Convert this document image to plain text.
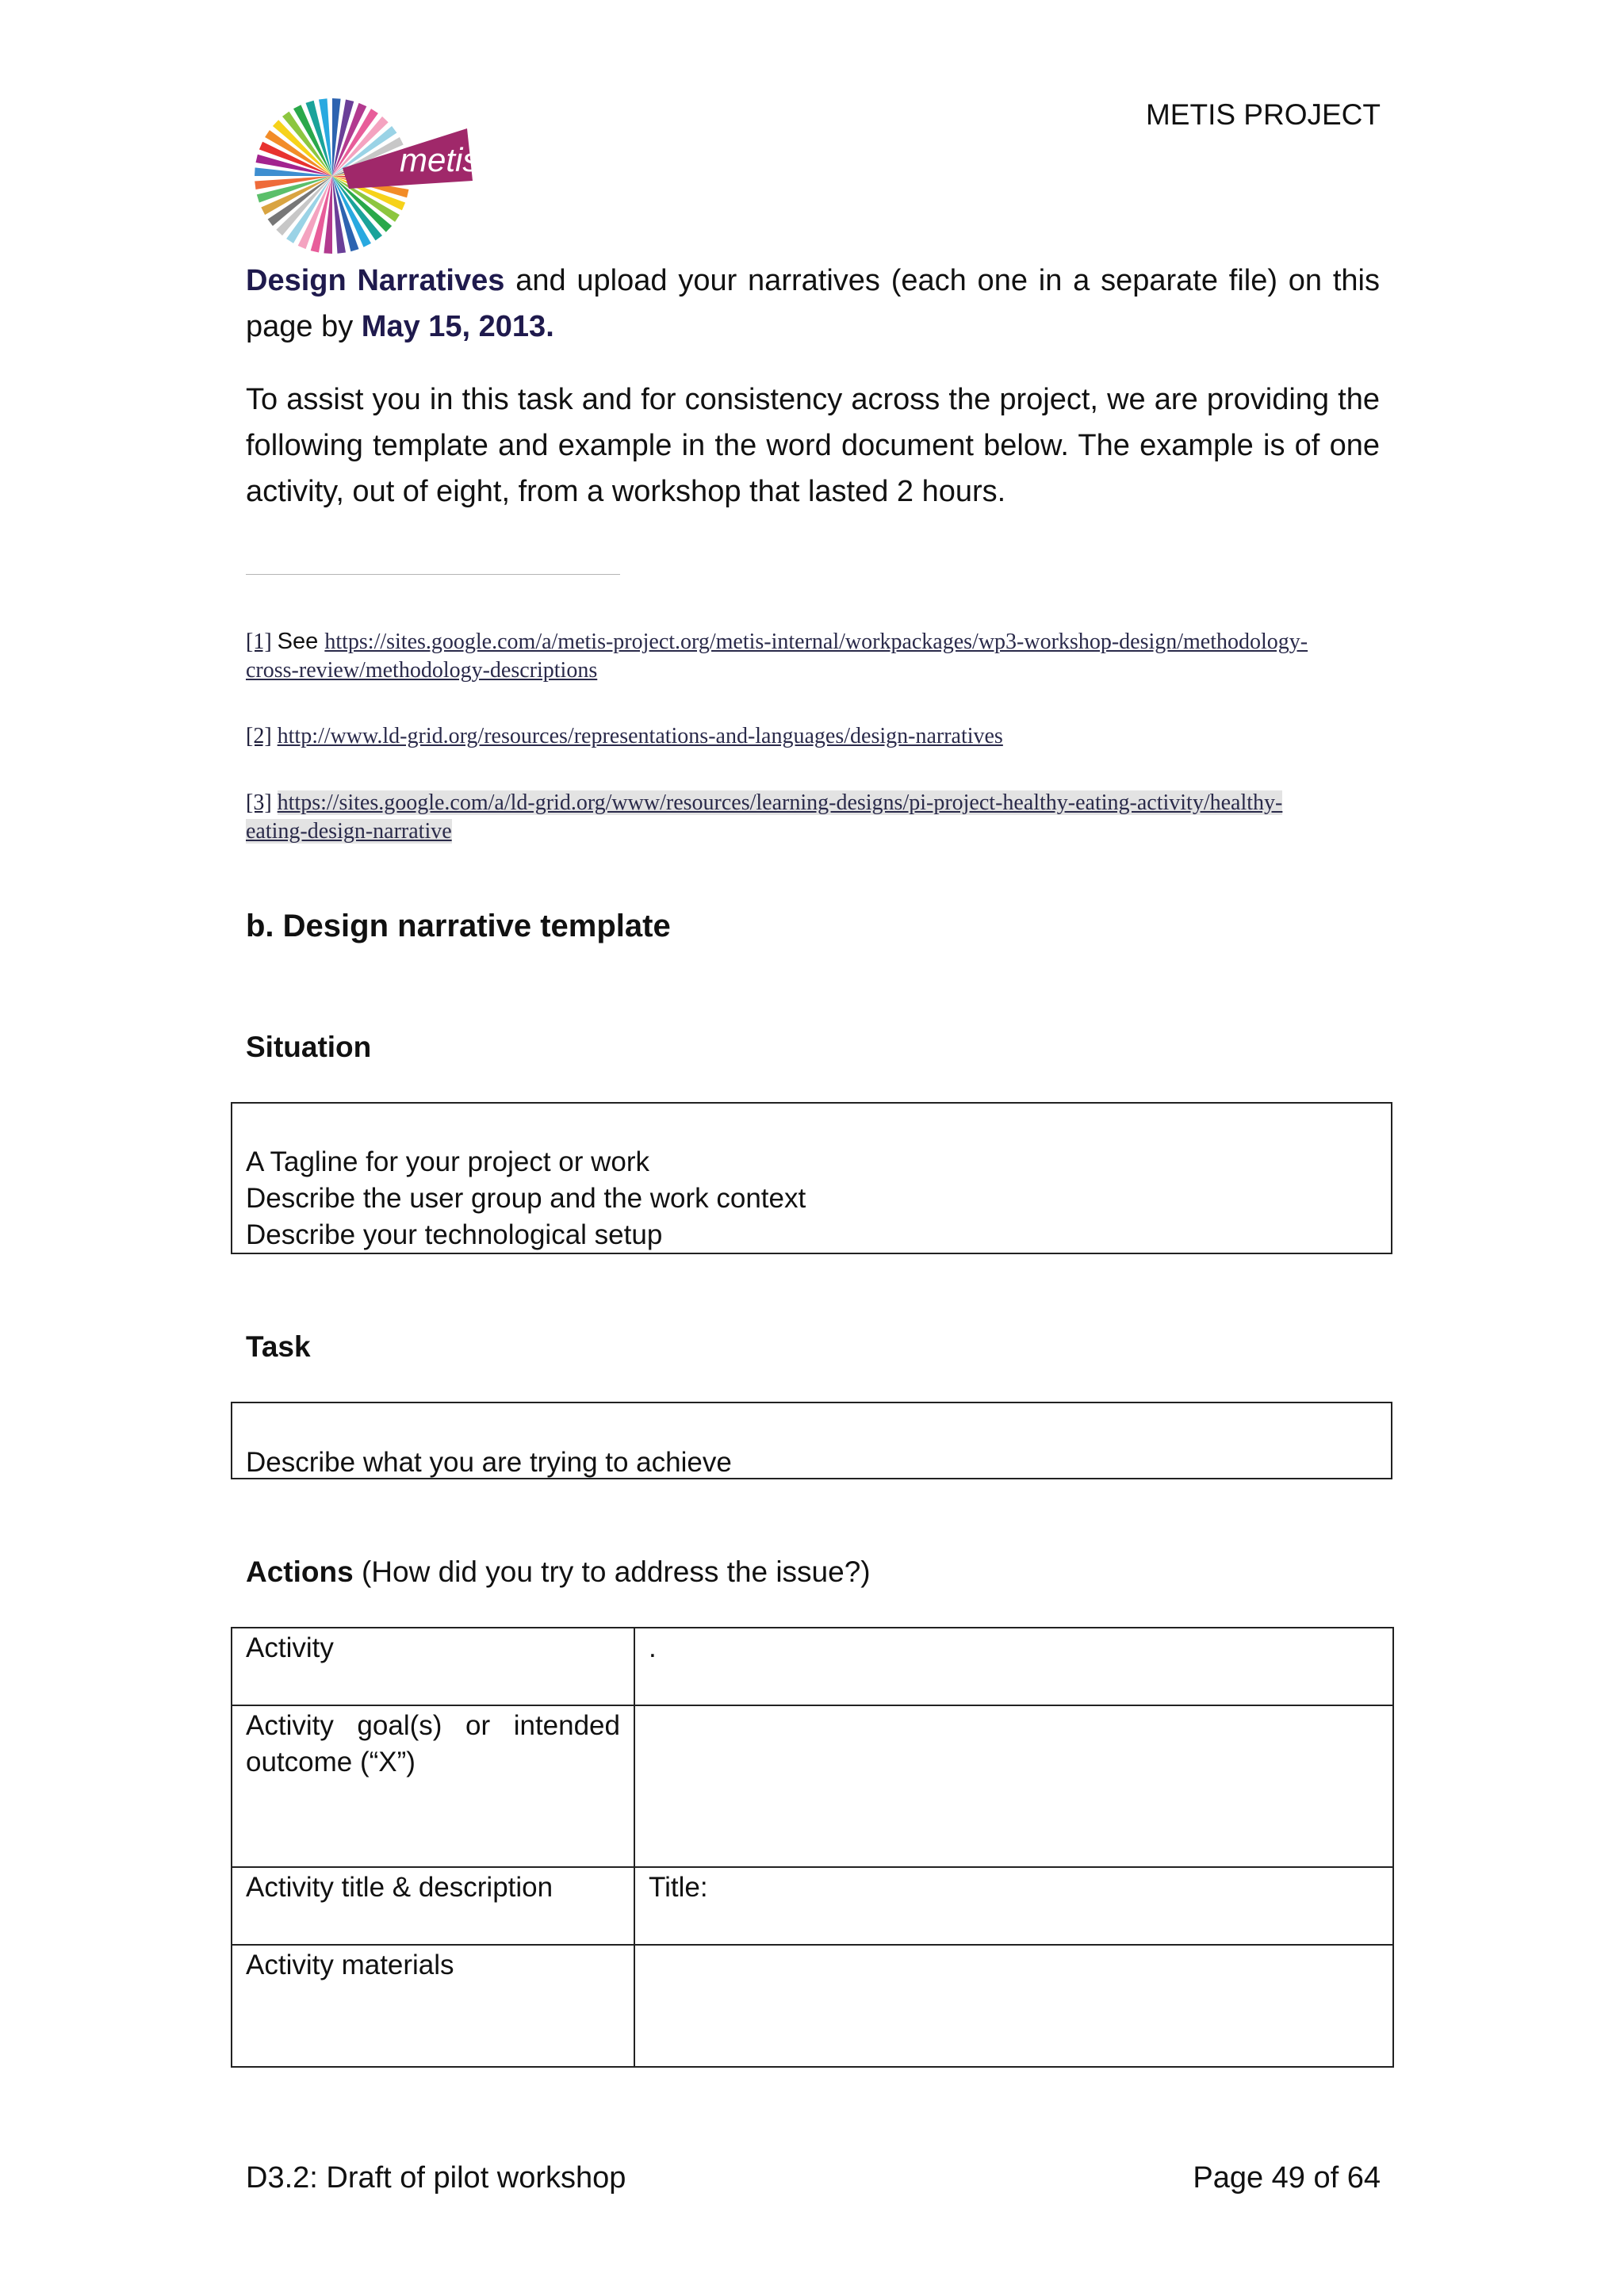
metis
METIS PROJECT
Design Narratives and upload your narratives (each one in a separate file) on this page by May 15, 2013.
To assist you in this task and for consistency across the project, we are providing the following template and example in the word document below. The example is of one activity, out of eight, from a workshop that lasted 2 hours.
[1] See https://sites.google.com/a/metis-project.org/metis-internal/workpackages/wp3-workshop-design/methodology-cross-review/methodology-descriptions
[2] http://www.ld-grid.org/resources/representations-and-languages/design-narratives
[3] https://sites.google.com/a/ld-grid.org/www/resources/learning-designs/pi-project-healthy-eating-activity/healthy-eating-design-narrative
b. Design narrative template
Situation
A Tagline for your project or work
Describe the user group and the work context
Describe your technological setup
Task
Describe what you are trying to achieve
Actions (How did you try to address the issue?)
Activity	.
Activity goal(s) or intended outcome (“X”)	
Activity title & description	Title:
Activity materials	
D3.2: Draft of pilot workshop	Page 49 of 64
